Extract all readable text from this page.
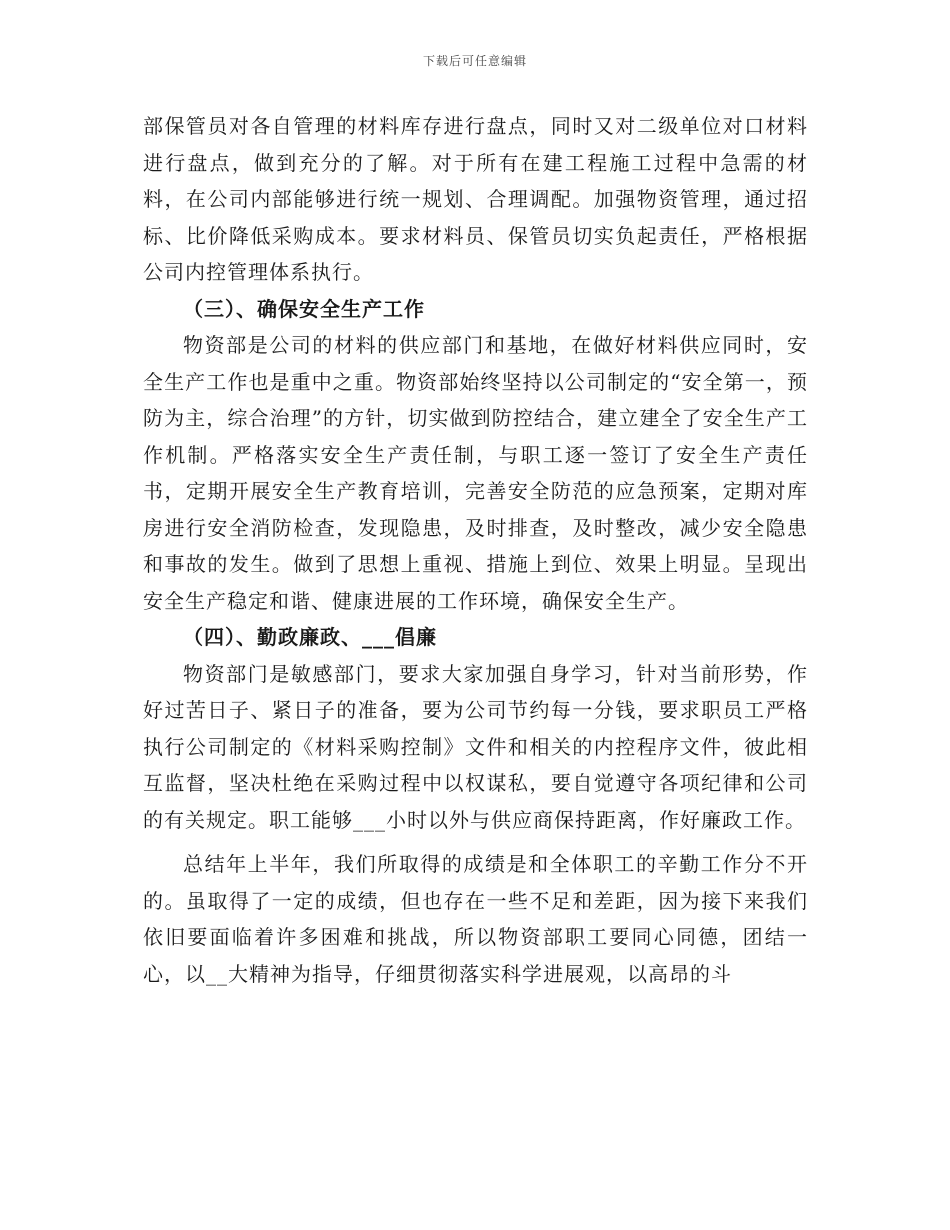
下载后可任意编辑

部保管员对各自管理的材料库存进行盘点，同时又对二级单位对口材料进行盘点，做到充分的了解。对于所有在建工程施工过程中急需的材料，在公司内部能够进行统一规划、合理调配。加强物资管理，通过招标、比价降低采购成本。要求材料员、保管员切实负起责任，严格根据公司内控管理体系执行。

（三）、确保安全生产工作

物资部是公司的材料的供应部门和基地，在做好材料供应同时，安全生产工作也是重中之重。物资部始终坚持以公司制定的“安全第一，预防为主，综合治理”的方针，切实做到防控结合，建立建全了安全生产工作机制。严格落实安全生产责任制，与职工逐一签订了安全生产责任书，定期开展安全生产教育培训，完善安全防范的应急预案，定期对库房进行安全消防检查，发现隐患，及时排查，及时整改，减少安全隐患和事故的发生。做到了思想上重视、措施上到位、效果上明显。呈现出安全生产稳定和谐、健康进展的工作环境，确保安全生产。

（四）、勤政廉政、___倡廉

物资部门是敏感部门，要求大家加强自身学习，针对当前形势，作好过苦日子、紧日子的准备，要为公司节约每一分钱，要求职员工严格执行公司制定的《材料采购控制》文件和相关的内控程序文件，彼此相互监督，坚决杜绝在采购过程中以权谋私，要自觉遵守各项纪律和公司的有关规定。职工能够___小时以外与供应商保持距离，作好廉政工作。

总结年上半年，我们所取得的成绩是和全体职工的辛勤工作分不开的。虽取得了一定的成绩，但也存在一些不足和差距，因为接下来我们依旧要面临着许多困难和挑战，所以物资部职工要同心同德，团结一心，以__大精神为指导，仔细贯彻落实科学进展观，以高昂的斗
